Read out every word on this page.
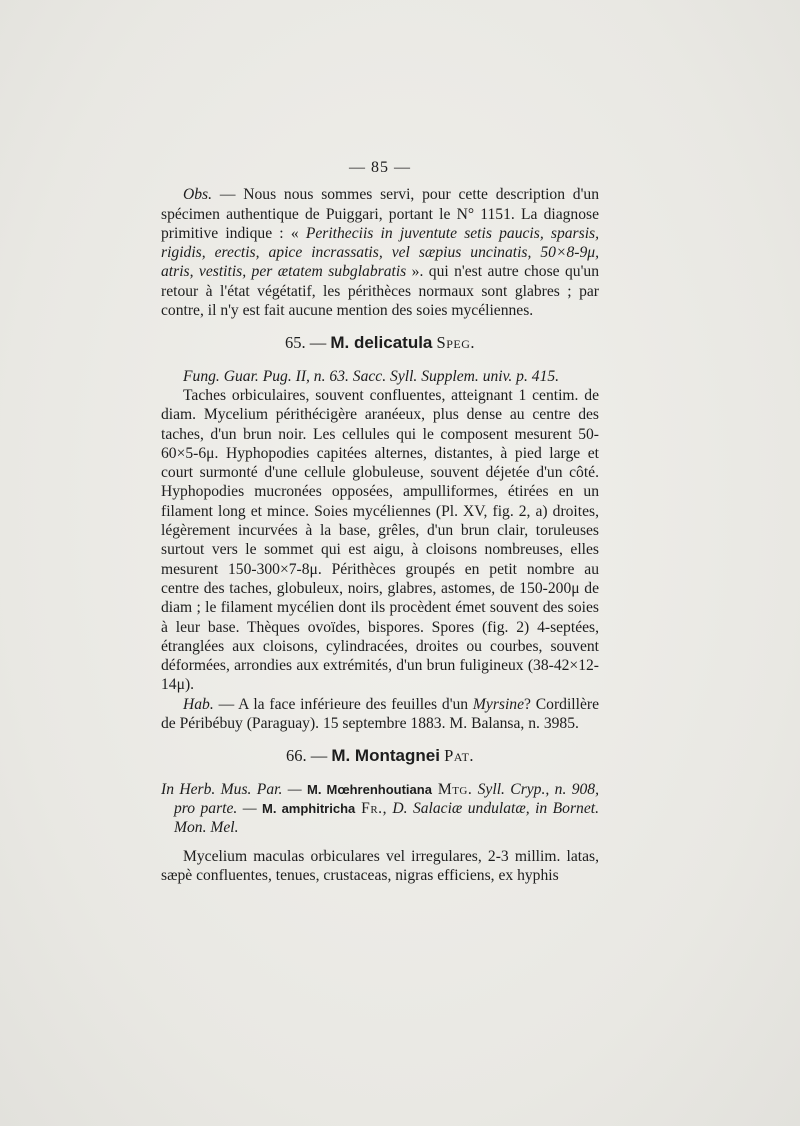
— 85 —

Obs. — Nous nous sommes servi, pour cette description d'un spécimen authentique de Puiggari, portant le N° 1151. La diagnose primitive indique : « Peritheciis in juventute setis paucis, sparsis, rigidis, erectis, apice incrassatis, vel sæpius uncinatis, 50×8-9μ, atris, vestitis, per ætatem subglabratis ». qui n'est autre chose qu'un retour à l'état végétatif, les périthèces normaux sont glabres ; par contre, il n'y est fait aucune mention des soies mycéliennes.

65. — M. delicatula Speg.

Fung. Guar. Pug. II, n. 63. Sacc. Syll. Supplem. univ. p. 415.

Taches orbiculaires, souvent confluentes, atteignant 1 centim. de diam. Mycelium périthécigère aranéeux, plus dense au centre des taches, d'un brun noir. Les cellules qui le composent mesurent 50-60×5-6μ. Hyphopodies capitées alternes, distantes, à pied large et court surmonté d'une cellule globuleuse, souvent déjetée d'un côté. Hyphopodies mucronées opposées, ampulliformes, étirées en un filament long et mince. Soies mycéliennes (Pl. XV, fig. 2, a) droites, légèrement incurvées à la base, grêles, d'un brun clair, toruleuses surtout vers le sommet qui est aigu, à cloisons nombreuses, elles mesurent 150-300×7-8μ. Périthèces groupés en petit nombre au centre des taches, globuleux, noirs, glabres, astomes, de 150-200μ de diam ; le filament mycélien dont ils procèdent émet souvent des soies à leur base. Thèques ovoïdes, bispores. Spores (fig. 2) 4-septées, étranglées aux cloisons, cylindracées, droites ou courbes, souvent déformées, arrondies aux extrémités, d'un brun fuligineux (38-42×12-14μ).

Hab. — A la face inférieure des feuilles d'un Myrsine? Cordillère de Péribébuy (Paraguay). 15 septembre 1883. M. Balansa, n. 3985.

66. — M. Montagnei Pat.

In Herb. Mus. Par. — M. Mœhrenhoutiana Mtg. Syll. Cryp., n. 908, pro parte. — M. amphitricha Fr., D. Salaciæ undulatæ, in Bornet. Mon. Mel.

Mycelium maculas orbiculares vel irregulares, 2-3 millim. latas, sæpè confluentes, tenues, crustaceas, nigras efficiens, ex hyphis
